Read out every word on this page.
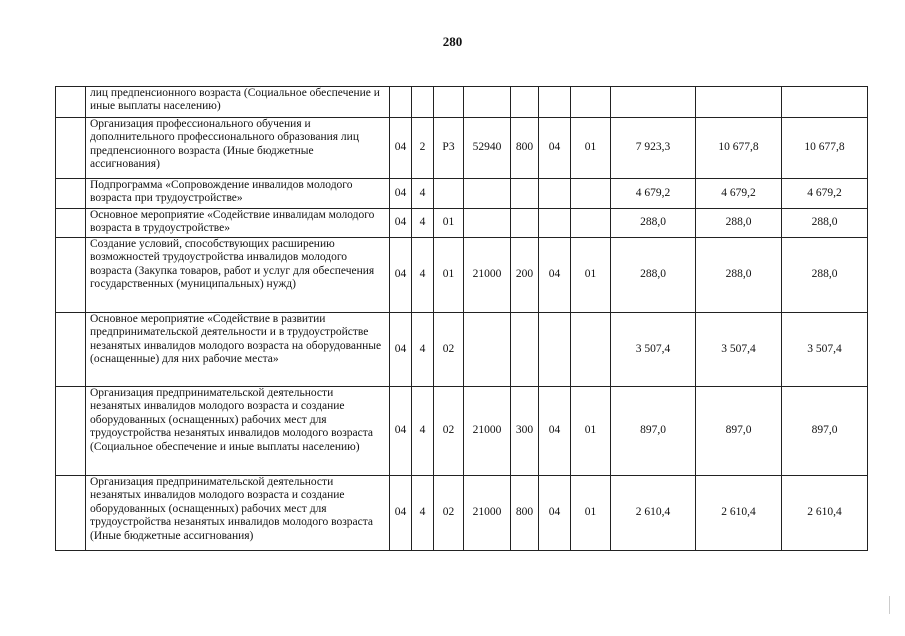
280
	лиц предпенсионного возраста (Социальное обеспечение и иные выплаты населению)										
	Организация профессионального обучения и дополнительного профессионального образования лиц предпенсионного возраста (Иные бюджетные ассигнования)	04	2	P3	52940	800	04	01	7 923,3	10 677,8	10 677,8
	Подпрограмма «Сопровождение инвалидов молодого возраста при трудоустройстве»	04	4						4 679,2	4 679,2	4 679,2
	Основное мероприятие «Содействие инвалидам молодого возраста в трудоустройстве»	04	4	01					288,0	288,0	288,0
	Создание условий, способствующих расширению возможностей трудоустройства инвалидов молодого возраста (Закупка товаров, работ и услуг для обеспечения государственных (муниципальных) нужд)	04	4	01	21000	200	04	01	288,0	288,0	288,0
	Основное мероприятие «Содействие в развитии предпринимательской деятельности и в трудоустройстве незанятых инвалидов молодого возраста на оборудованные (оснащенные) для них рабочие места»	04	4	02					3 507,4	3 507,4	3 507,4
	Организация предпринимательской деятельности незанятых инвалидов молодого возраста и создание оборудованных (оснащенных) рабочих мест для трудоустройства незанятых инвалидов молодого возраста (Социальное обеспечение и иные выплаты населению)	04	4	02	21000	300	04	01	897,0	897,0	897,0
	Организация предпринимательской деятельности незанятых инвалидов молодого возраста и создание оборудованных (оснащенных) рабочих мест для трудоустройства незанятых инвалидов молодого возраста (Иные бюджетные ассигнования)	04	4	02	21000	800	04	01	2 610,4	2 610,4	2 610,4
